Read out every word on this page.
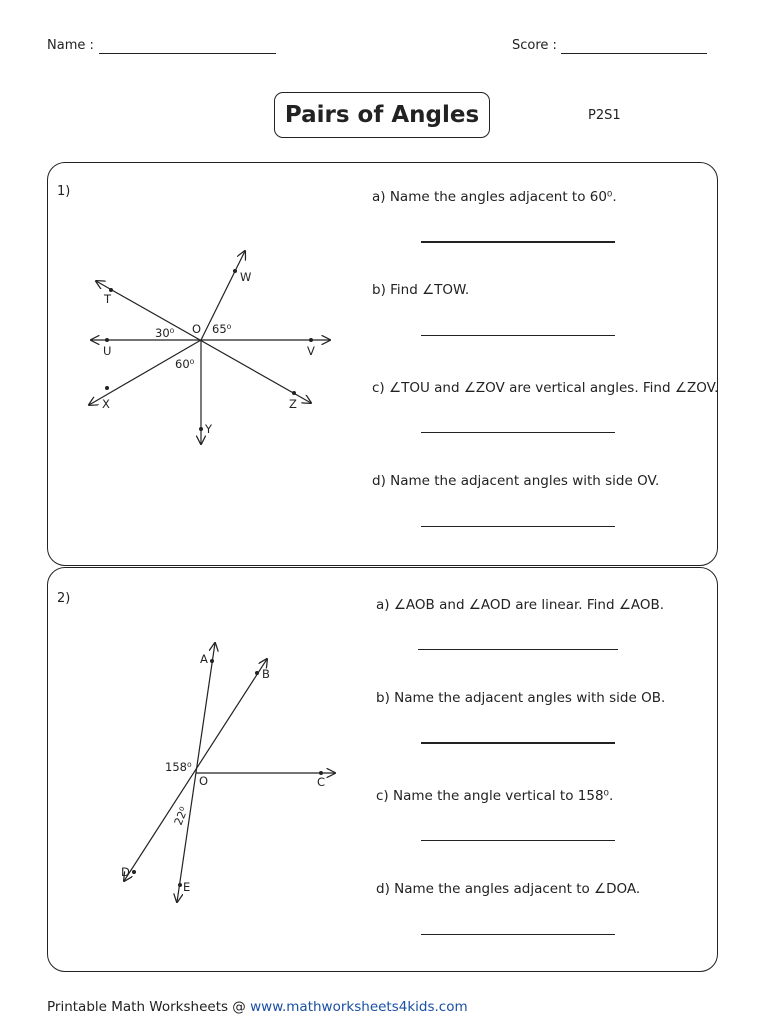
Name :	Score :
Pairs of Angles	P2S1
1)
T
W
O
U	V
X	Z
Y
30⁰	65⁰
60⁰
A
B
O	C
D
E
158⁰
22⁰
a) Name the angles adjacent to 60⁰.
b) Find ∠TOW.
c) ∠TOU and ∠ZOV are vertical angles. Find ∠ZOV.
d) Name the adjacent angles with side OV.
2)	a) ∠AOB and ∠AOD are linear. Find ∠AOB.
b) Name the adjacent angles with side OB.
c) Name the angle vertical to 158⁰.
d) Name the angles adjacent to ∠DOA.
Printable Math Worksheets @ www.mathworksheets4kids.com
